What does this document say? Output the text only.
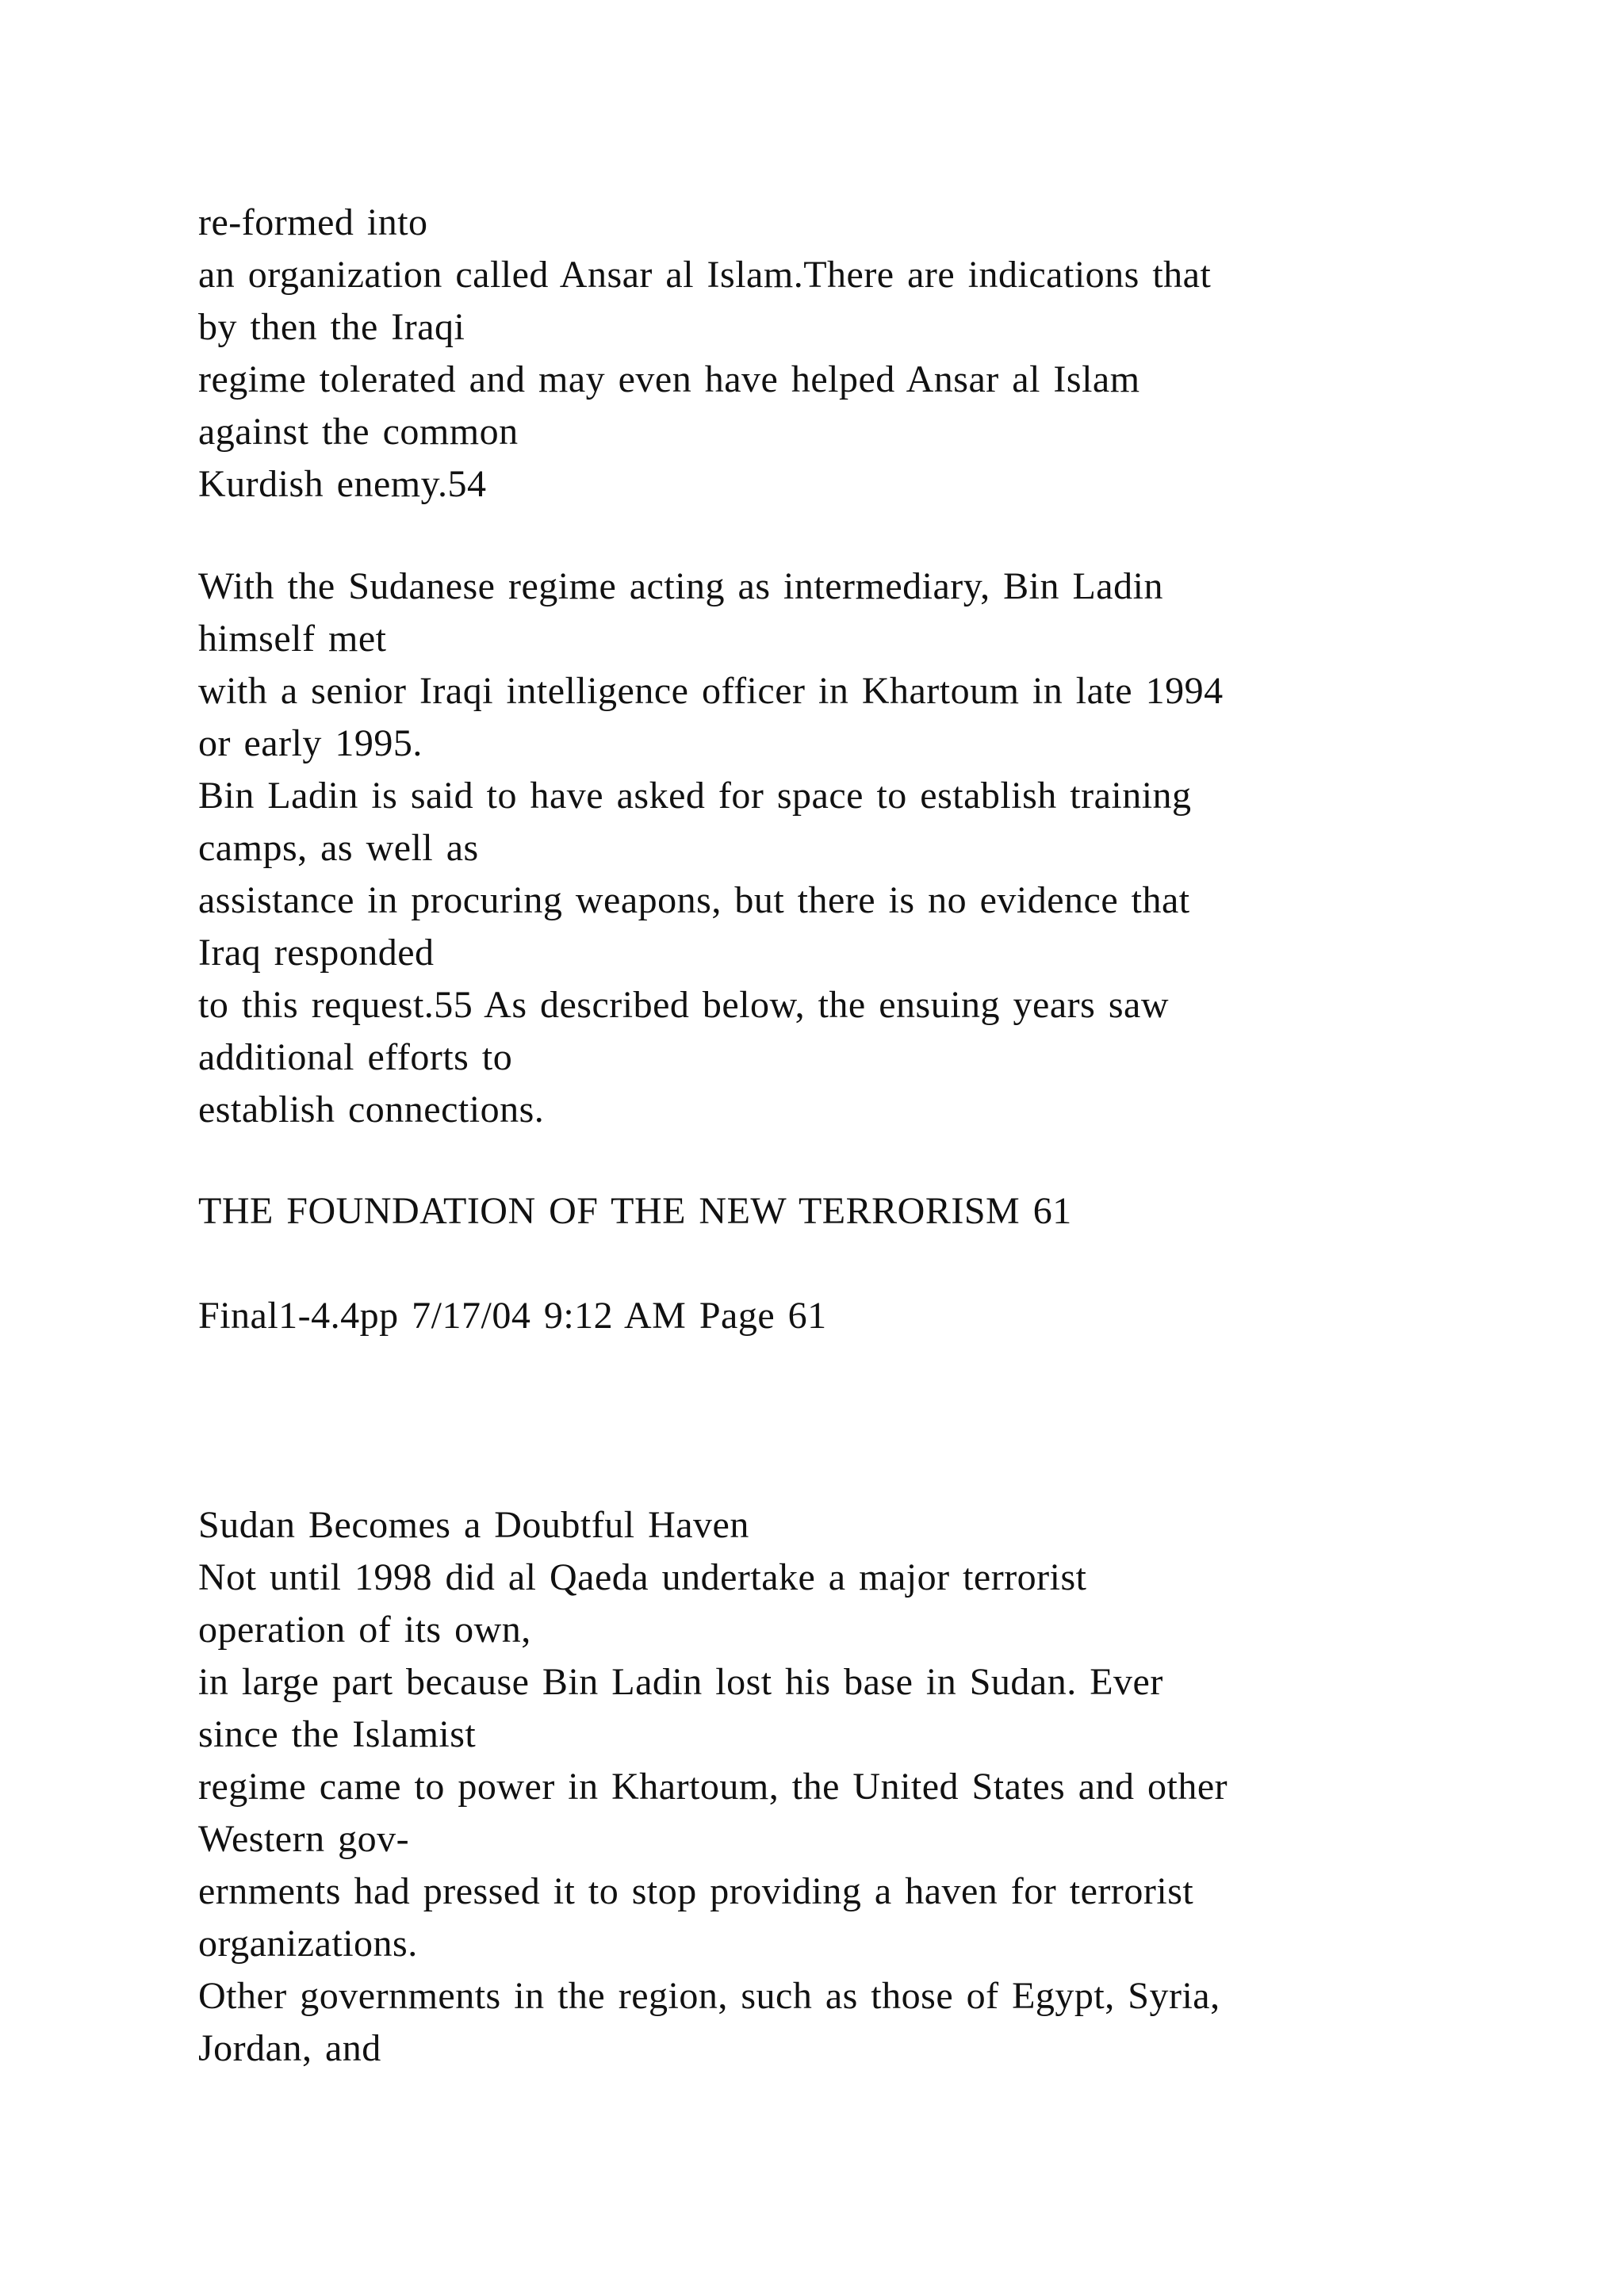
re-formed into
an organization called Ansar al Islam.There are indications that
by then the Iraqi
regime tolerated and may even have helped Ansar al Islam
against the common
Kurdish enemy.54
With the Sudanese regime acting as intermediary, Bin Ladin
himself met
with a senior Iraqi intelligence officer in Khartoum in late 1994
or early 1995.
Bin Ladin is said to have asked for space to establish training
camps, as well as
assistance in procuring weapons, but there is no evidence that
Iraq responded
to this request.55 As described below, the ensuing years saw
additional efforts to
establish connections.
THE FOUNDATION OF THE NEW TERRORISM 61
Final1-4.4pp 7/17/04 9:12 AM Page 61
Sudan Becomes a Doubtful Haven
Not until 1998 did al Qaeda undertake a major terrorist
operation of its own,
in large part because Bin Ladin lost his base in Sudan. Ever
since the Islamist
regime came to power in Khartoum, the United States and other
Western gov-
ernments had pressed it to stop providing a haven for terrorist
organizations.
Other governments in the region, such as those of Egypt, Syria,
Jordan, and
